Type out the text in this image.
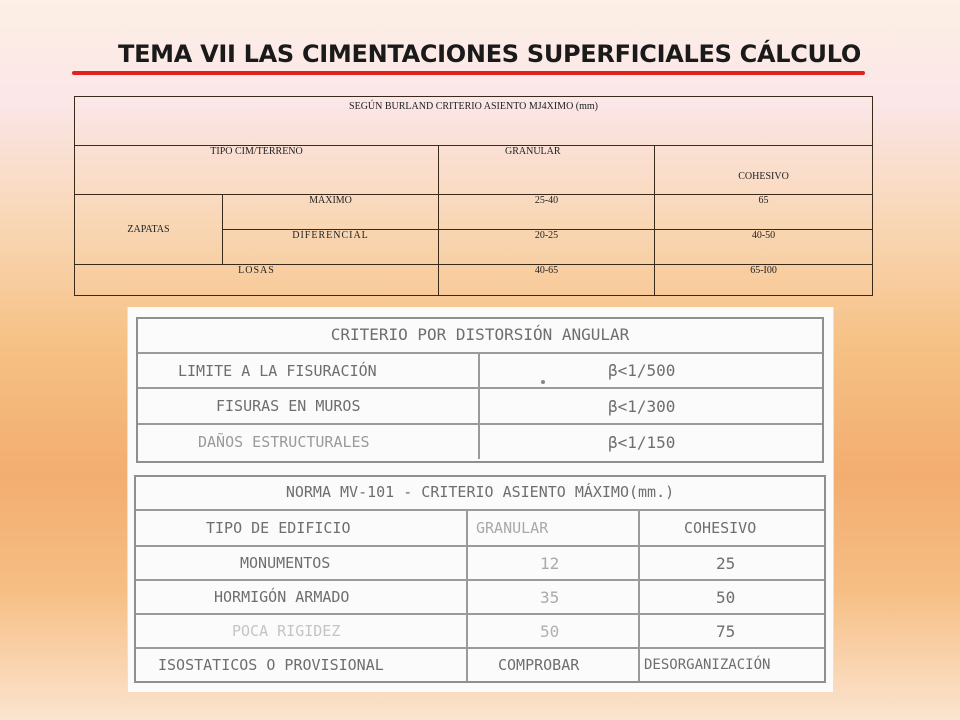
TEMA VII LAS CIMENTACIONES SUPERFICIALES CÁLCULO
SEGÚN BURLAND CRITERIO ASIENTO MJ4XIMO (mm)			
TIPO CIM/TERRENO		GRANULAR	COHESIVO
ZAPATAS	MÁXIMO	25-40	65
	DIFERENCIAL	20-25	40-50
LOSAS		40-65	65-I00
CRITERIO POR DISTORSIÓN ANGULAR
LIMITE A LA FISURACIÓN	β<1/500
FISURAS EN MUROS	β<1/300
DAÑOS ESTRUCTURALES	β<1/150
NORMA MV-101 - CRITERIO ASIENTO MÁXIMO(mm.)
TIPO DE EDIFICIO	GRANULAR	COHESIVO
MONUMENTOS	12	25
HORMIGÓN ARMADO	35	50
POCA RIGIDEZ	50	75
ISOSTATICOS O PROVISIONAL	COMPROBAR	DESORGANIZACIÓN
